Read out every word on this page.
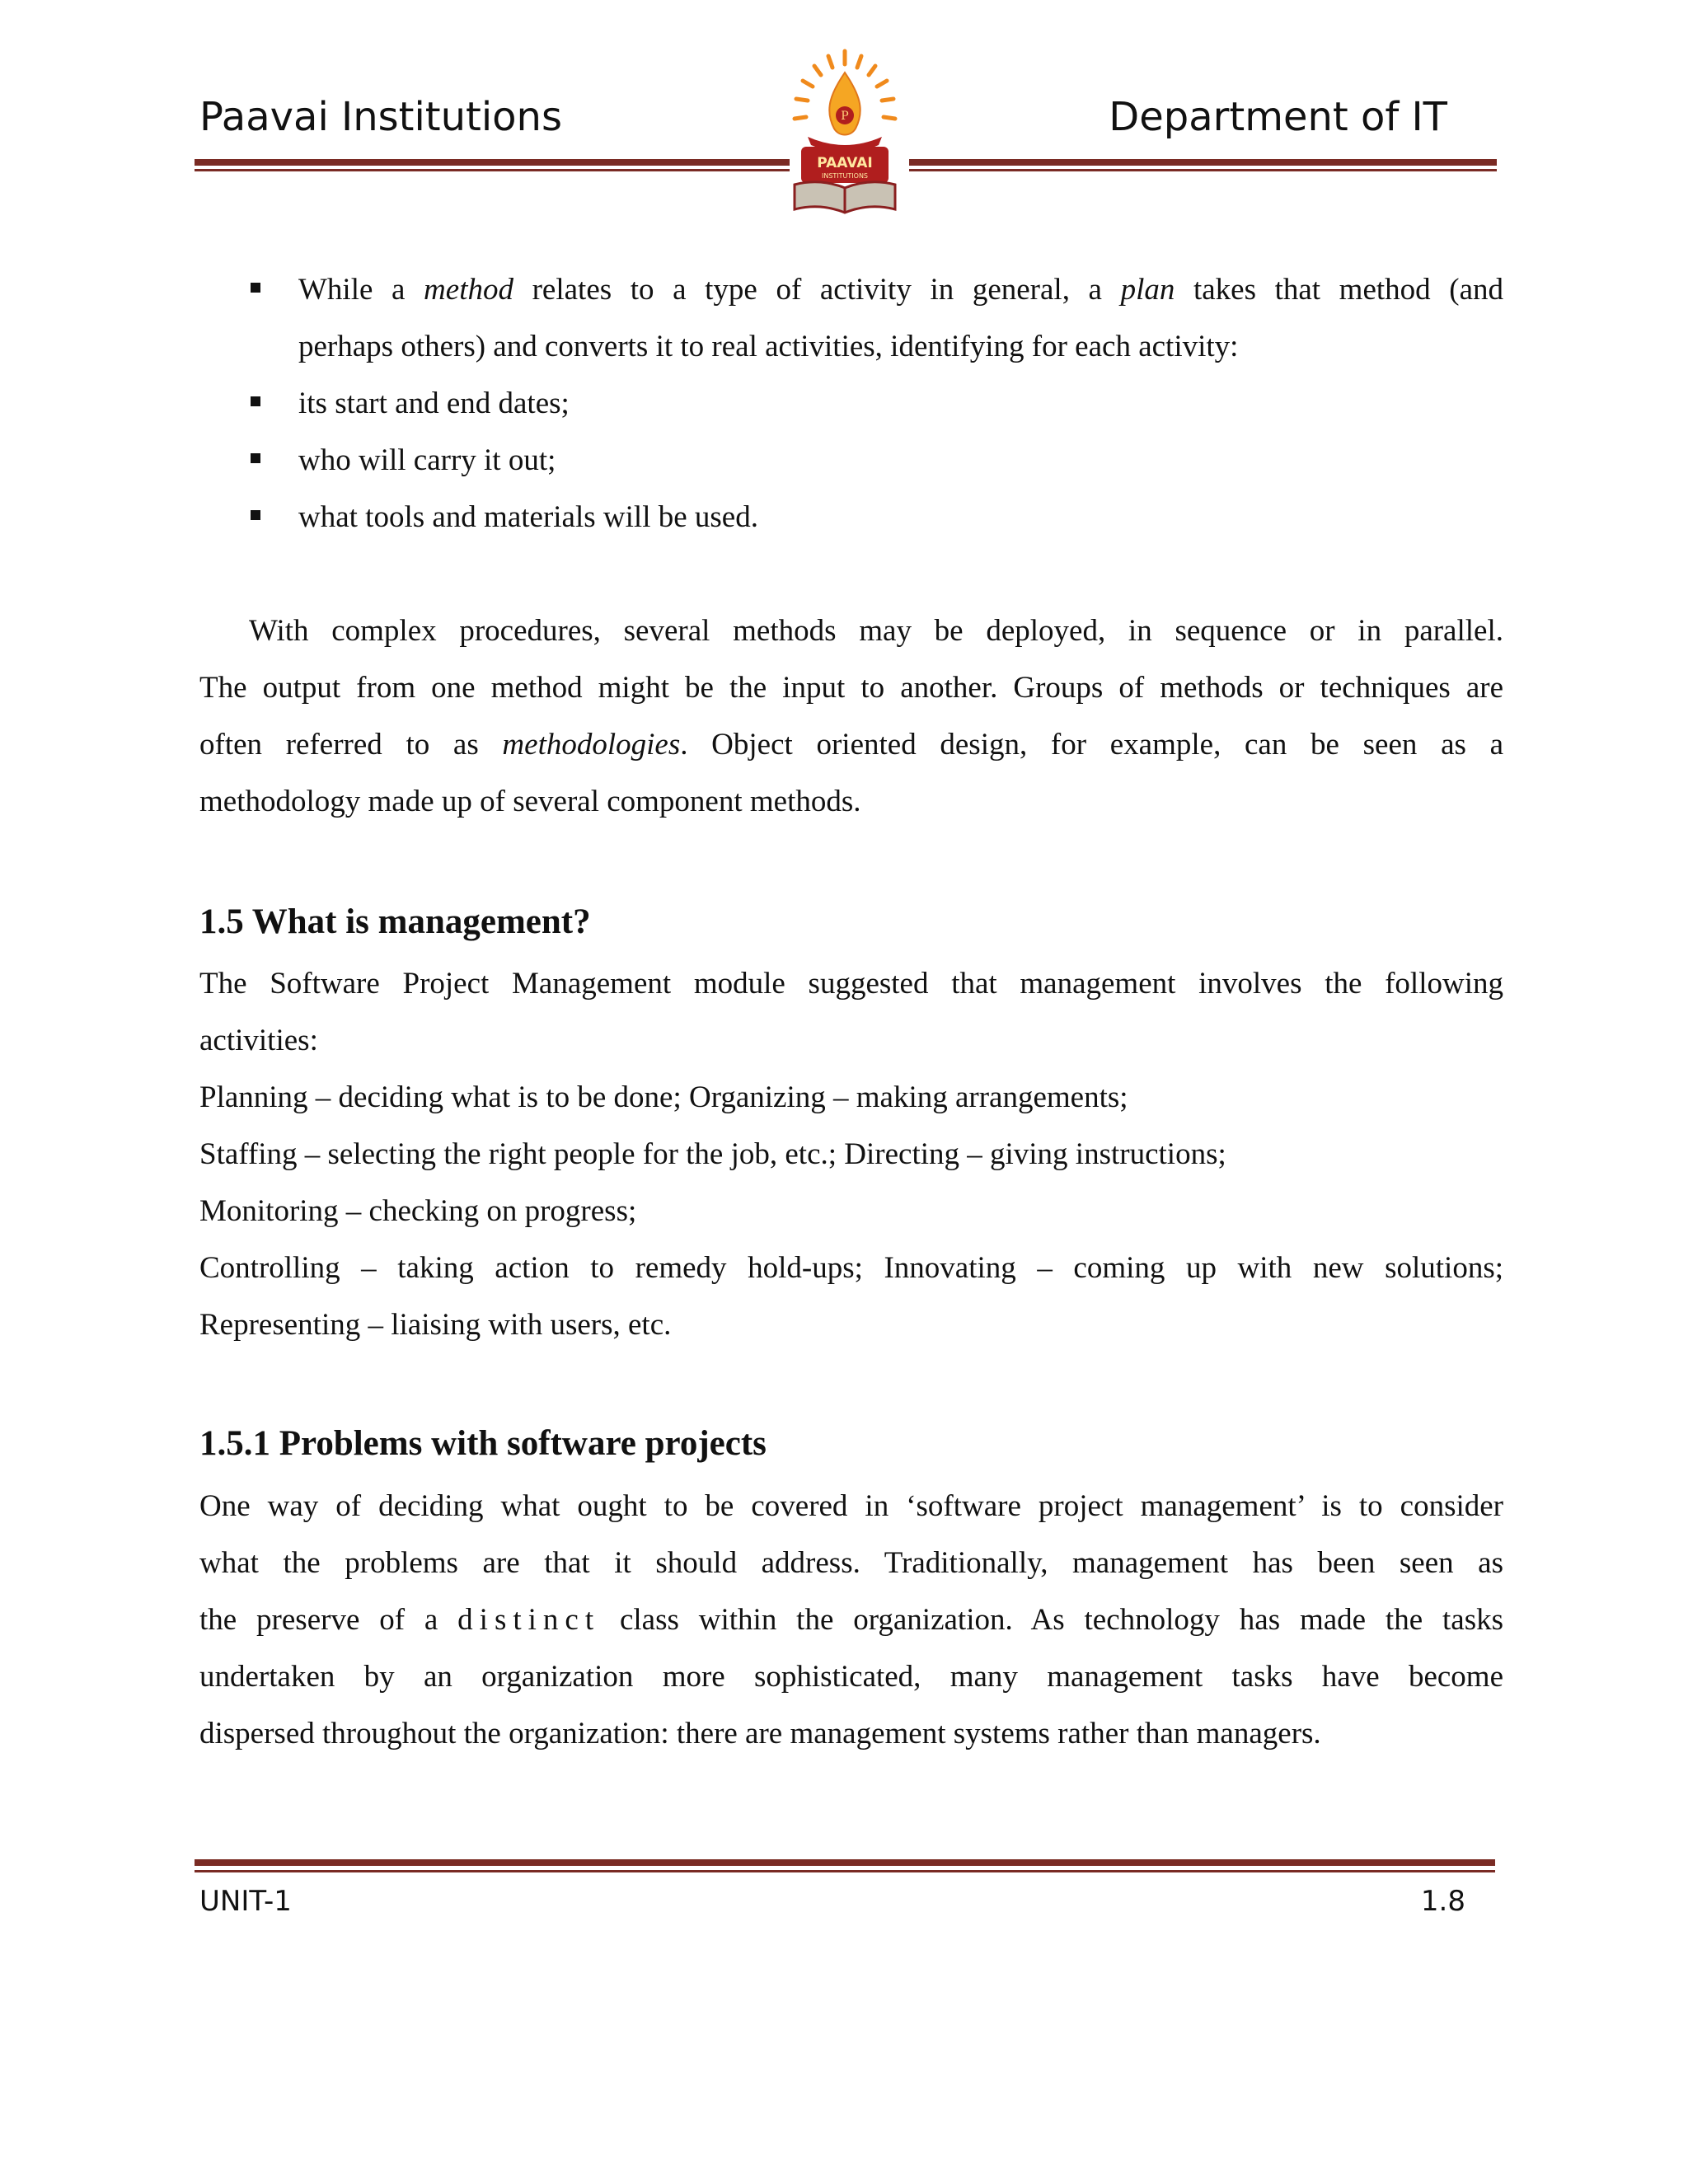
Paavai Institutions	Department of IT
P
PAAVAI
INSTITUTIONS
While a method relates to a type of activity in general, a plan takes that method (and
perhaps others) and converts it to real activities, identifying for each activity:
its start and end dates;
who will carry it out;
what tools and materials will be used.
With complex procedures, several methods may be deployed, in sequence or in parallel.
The output from one method might be the input to another. Groups of methods or techniques are
often referred to as methodologies. Object oriented design, for example, can be seen as a
methodology made up of several component methods.
1.5 What is management?
The Software Project Management module suggested that management involves the following
activities:
Planning – deciding what is to be done; Organizing – making arrangements;
Staffing – selecting the right people for the job, etc.; Directing – giving instructions;
Monitoring – checking on progress;
Controlling – taking action to remedy hold-ups; Innovating – coming up with new solutions;
Representing – liaising with users, etc.
1.5.1 Problems with software projects
One way of deciding what ought to be covered in ‘software project management’ is to consider
what the problems are that it should address. Traditionally, management has been seen as
the preserve of a distinct class within the organization. As technology has made the tasks
undertaken by an organization more sophisticated, many management tasks have become
dispersed throughout the organization: there are management systems rather than managers.
UNIT-1	1.8
